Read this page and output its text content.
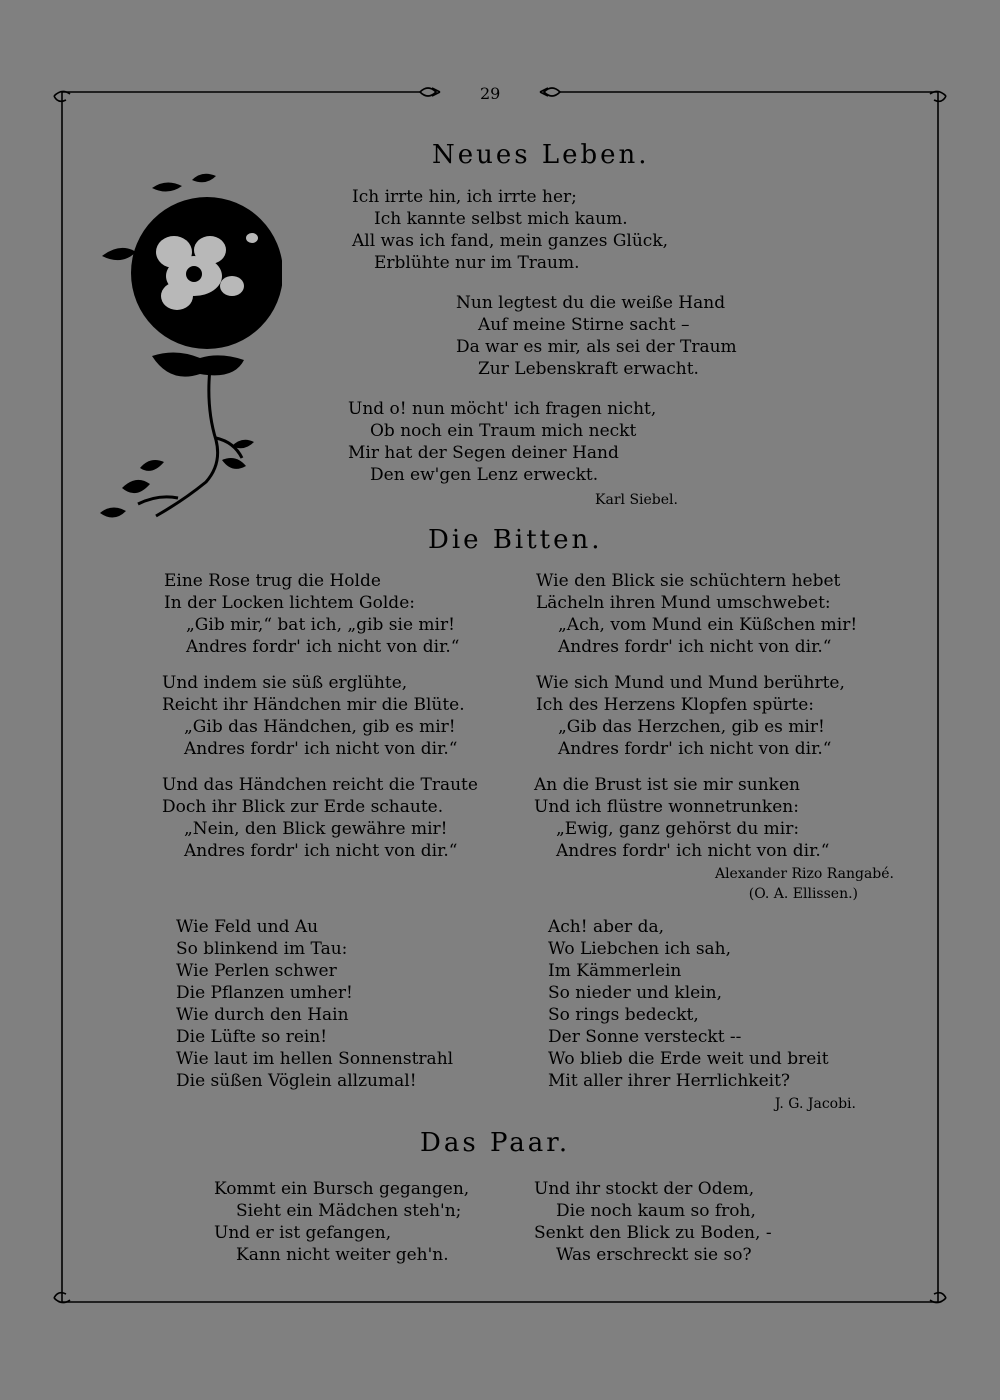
29
Neues Leben.
Ich irrte hin, ich irrte her;
Ich kannte selbst mich kaum.
All was ich fand, mein ganzes Glück,
Erblühte nur im Traum.
Nun legtest du die weiße Hand
Auf meine Stirne sacht –
Da war es mir, als sei der Traum
Zur Lebenskraft erwacht.
Und o! nun möcht' ich fragen nicht,
Ob noch ein Traum mich neckt
Mir hat der Segen deiner Hand
Den ew'gen Lenz erweckt.
Karl Siebel.
Die Bitten.
Eine Rose trug die Holde
In der Locken lichtem Golde:
„Gib mir,“ bat ich, „gib sie mir!
Andres fordr' ich nicht von dir.“
Und indem sie süß erglühte,
Reicht ihr Händchen mir die Blüte.
„Gib das Händchen, gib es mir!
Andres fordr' ich nicht von dir.“
Und das Händchen reicht die Traute
Doch ihr Blick zur Erde schaute.
„Nein, den Blick gewähre mir!
Andres fordr' ich nicht von dir.“
Wie den Blick sie schüchtern hebet
Lächeln ihren Mund umschwebet:
„Ach, vom Mund ein Küßchen mir!
Andres fordr' ich nicht von dir.“
Wie sich Mund und Mund berührte,
Ich des Herzens Klopfen spürte:
„Gib das Herzchen, gib es mir!
Andres fordr' ich nicht von dir.“
An die Brust ist sie mir sunken
Und ich flüstre wonnetrunken:
„Ewig, ganz gehörst du mir:
Andres fordr' ich nicht von dir.“
Alexander Rizo Rangabé.
(O. A. Ellissen.)
Wie Feld und Au
So blinkend im Tau:
Wie Perlen schwer
Die Pflanzen umher!
Wie durch den Hain
Die Lüfte so rein!
Wie laut im hellen Sonnenstrahl
Die süßen Vöglein allzumal!
Ach! aber da,
Wo Liebchen ich sah,
Im Kämmerlein
So nieder und klein,
So rings bedeckt,
Der Sonne versteckt --
Wo blieb die Erde weit und breit
Mit aller ihrer Herrlichkeit?
J. G. Jacobi.
Das Paar.
Kommt ein Bursch gegangen,
Sieht ein Mädchen steh'n;
Und er ist gefangen,
Kann nicht weiter geh'n.
Und ihr stockt der Odem,
Die noch kaum so froh,
Senkt den Blick zu Boden, -
Was erschreckt sie so?
